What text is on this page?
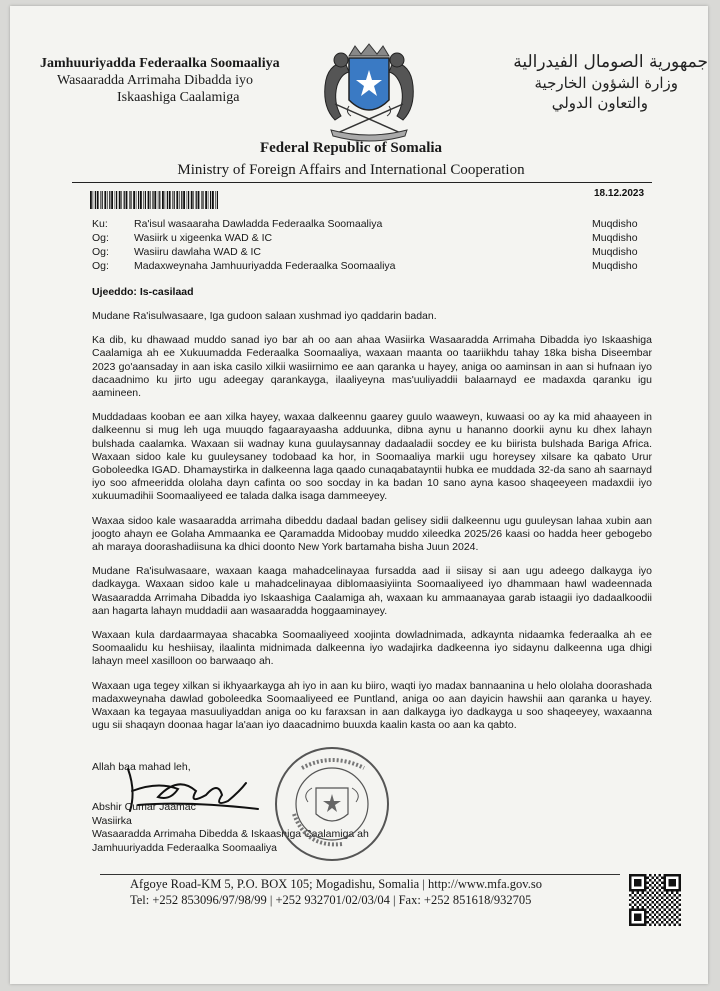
Jamhuuriyadda Federaalka Soomaaliya
Wasaaradda Arrimaha Dibadda iyo
Iskaashiga Caalamiga
جمهورية الصومال الفيدرالية
وزارة الشؤون الخارجية
والتعاون الدولي
Federal Republic of Somalia
Ministry of Foreign Affairs and International Cooperation
18.12.2023
Ku:	Ra'isul wasaaraha Dawladda Federaalka Soomaaliya	Muqdisho
Og:	Wasiirk u xigeenka WAD & IC	Muqdisho
Og:	Wasiiru dawlaha WAD & IC	Muqdisho
Og:	Madaxweynaha Jamhuuriyadda Federaalka Soomaaliya	Muqdisho
Ujeeddo: Is-casilaad

Mudane Ra'isulwasaare, Iga gudoon salaan xushmad iyo qaddarin badan.

Ka dib, ku dhawaad muddo sanad iyo bar ah oo aan ahaa Wasiirka Wasaaradda Arrimaha Dibadda iyo Iskaashiga Caalamiga ah ee Xukuumadda Federaalka Soomaaliya, waxaan maanta oo taariikhdu tahay 18ka bisha Diseembar 2023 go'aansaday in aan iska casilo xilkii wasiirnimo ee aan qaranka u hayey, aniga oo aaminsan in aan si hufnaan iyo dacaadnimo ku jirto ugu adeegay qarankayga, ilaaliyeyna mas'uuliyaddii balaarnayd ee madaxda qaranku igu aamineen.

Muddadaas kooban ee aan xilka hayey, waxaa dalkeennu gaarey guulo waaweyn, kuwaasi oo ay ka mid ahaayeen in dalkeennu si mug leh uga muuqdo fagaarayaasha adduunka, dibna aynu u hananno doorkii aynu ku dhex lahayn bulshada caalamka. Waxaan sii wadnay kuna guulaysannay dadaaladii socdey ee ku biirista bulshada Bariga Africa. Waxaan sidoo kale ku guuleysaney todobaad ka hor, in Soomaaliya markii ugu horeysey xilsare ka qabato Urur Goboleedka IGAD. Dhamaystirka in dalkeenna laga qaado cunaqabatayntii hubka ee muddada 32-da sano ah saarnayd iyo soo afmeeridda ololaha dayn cafinta oo soo socday in ka badan 10 sano ayna kasoo shaqeeyeen madaxdii iyo xukuumadihii Soomaaliyeed ee talada dalka isaga dammeeyey.

Waxaa sidoo kale wasaaradda arrimaha dibeddu dadaal badan gelisey sidii dalkeennu ugu guuleysan lahaa xubin aan joogto ahayn ee Golaha Ammaanka ee Qaramadda Midoobay muddo xileedka 2025/26 kaasi oo hadda heer gebogebo ah maraya doorashadiisuna ka dhici doonto New York bartamaha bisha Juun 2024.

Mudane Ra'isulwasaare, waxaan kaaga mahadcelinayaa fursadda aad ii siisay si aan ugu adeego dalkayga iyo dadkayga. Waxaan sidoo kale u mahadcelinayaa diblomaasiyiinta Soomaaliyeed iyo dhammaan hawl wadeennada Wasaaradda Arrimaha Dibadda iyo Iskaashiga Caalamiga ah, waxaan ku ammaanayaa garab istaagii iyo dadaalkoodii aan hagarta lahayn muddadii aan wasaaradda hoggaaminayey.

Waxaan kula dardaarmayaa shacabka Soomaaliyeed xoojinta dowladnimada, adkaynta nidaamka federaalka ah ee Soomaalidu ku heshiisay, ilaalinta midnimada dalkeenna iyo wadajirka dadkeenna iyo sidaynu dalkeenna uga dhigi lahayn meel xasilloon oo barwaaqo ah.

Waxaan uga tegey xilkan si ikhyaarkayga ah iyo in aan ku biiro, waqti iyo madax bannaanina u helo ololaha doorashada madaxweynaha dawlad goboleedka Soomaaliyeed ee Puntland, aniga oo aan dayicin hawshii aan qaranka u hayey. Waxaan ka tegayaa masuuliyaddan aniga oo ku faraxsan in aan dalkayga iyo dadkayga u soo shaqeeyey, waxaanna ugu sii shaqayn doonaa hagar la'aan iyo daacadnimo buuxda kaalin kasta oo aan ka qabto.

Allah baa mahad leh,
Abshir Cumar Jaamac
Wasiirka
Wasaaradda Arrimaha Dibedda & Iskaashiga Caalamiga ah
Jamhuuriyadda Federaalka Soomaaliya
Afgoye Road-KM 5, P.O. BOX 105; Mogadishu, Somalia | http://www.mfa.gov.so
Tel: +252 853096/97/98/99 | +252 932701/02/03/04 | Fax: +252 851618/932705
